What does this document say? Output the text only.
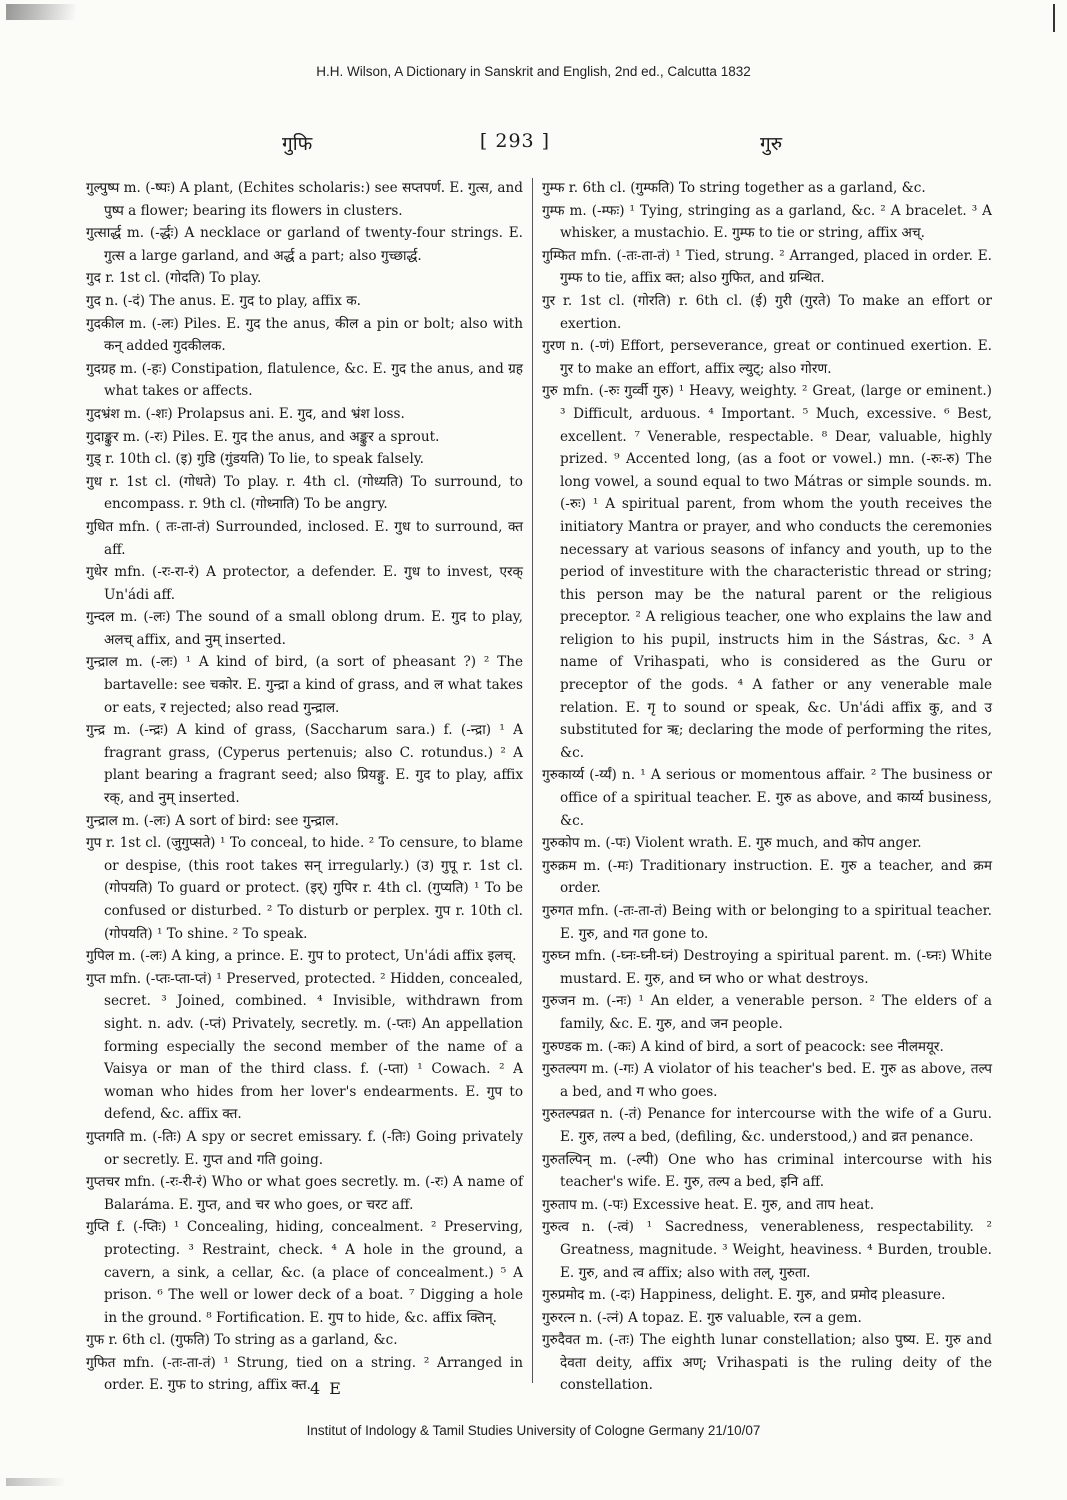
H.H. Wilson, A Dictionary in Sanskrit and English, 2nd ed., Calcutta 1832
गुफि	[ 293 ]	गुरु

गुल्पुष्प m. (-ष्पः) A plant, (Echites scholaris:) see सप्तपर्ण. E. गुत्स, and पुष्प a flower; bearing its flowers in clusters.

गुत्सार्द्ध m. (-र्द्धः) A necklace or garland of twenty-four strings. E. गुत्स a large garland, and अर्द्ध a part; also गुच्छार्द्ध.

गुद r. 1st cl. (गोदति) To play.

गुद n. (-दं) The anus. E. गुद to play, affix क.

गुदकील m. (-लः) Piles. E. गुद the anus, कील a pin or bolt; also with कन् added गुदकीलक.

गुदग्रह m. (-हः) Constipation, flatulence, &c. E. गुद the anus, and ग्रह what takes or affects.

गुदभ्रंश m. (-शः) Prolapsus ani. E. गुद, and भ्रंश loss.

गुदाङ्कुर m. (-रः) Piles. E. गुद the anus, and अङ्कुर a sprout.

गुड् r. 10th cl. (इ) गुडि (गुंडयति) To lie, to speak falsely.

गुध r. 1st cl. (गोधते) To play. r. 4th cl. (गोध्यति) To surround, to encompass. r. 9th cl. (गोध्नाति) To be angry.

गुधित mfn. ( तः-ता-तं) Surrounded, inclosed. E. गुध to surround, क्त aff.

गुधेर mfn. (-रः-रा-रं) A protector, a defender. E. गुध to invest, एरक् Un'ádi aff.

गुन्दल m. (-लः) The sound of a small oblong drum. E. गुद to play, अलच् affix, and नुम् inserted.

गुन्द्राल m. (-लः) ¹ A kind of bird, (a sort of pheasant ?) ² The bartavelle: see चकोर. E. गुन्द्रा a kind of grass, and ल what takes or eats, र rejected; also read गुन्द्राल.

गुन्द्र m. (-न्द्रः) A kind of grass, (Saccharum sara.) f. (-न्द्रा) ¹ A fragrant grass, (Cyperus pertenuis; also C. rotundus.) ² A plant bearing a fragrant seed; also प्रियङ्गु. E. गुद to play, affix रक्, and नुम् inserted.

गुन्द्राल m. (-लः) A sort of bird: see गुन्द्राल.

गुप r. 1st cl. (जुगुप्सते) ¹ To conceal, to hide. ² To censure, to blame or despise, (this root takes सन् irregularly.) (उ) गुपू r. 1st cl. (गोपयति) To guard or protect. (इर्) गुपिर r. 4th cl. (गुप्यति) ¹ To be confused or disturbed. ² To disturb or perplex. गुप r. 10th cl. (गोपयति) ¹ To shine. ² To speak.

गुपिल m. (-लः) A king, a prince. E. गुप to protect, Un'ádi affix इलच्.

गुप्त mfn. (-प्तः-प्ता-प्तं) ¹ Preserved, protected. ² Hidden, concealed, secret. ³ Joined, combined. ⁴ Invisible, withdrawn from sight. n. adv. (-प्तं) Privately, secretly. m. (-प्तः) An appellation forming especially the second member of the name of a Vaisya or man of the third class. f. (-प्ता) ¹ Cowach. ² A woman who hides from her lover's endearments. E. गुप to defend, &c. affix क्त.

गुप्तगति m. (-तिः) A spy or secret emissary. f. (-तिः) Going privately or secretly. E. गुप्त and गति going.

गुप्तचर mfn. (-रः-री-रं) Who or what goes secretly. m. (-रः) A name of Balaráma. E. गुप्त, and चर who goes, or चरट aff.

गुप्ति f. (-प्तिः) ¹ Concealing, hiding, concealment. ² Preserving, protecting. ³ Restraint, check. ⁴ A hole in the ground, a cavern, a sink, a cellar, &c. (a place of concealment.) ⁵ A prison. ⁶ The well or lower deck of a boat. ⁷ Digging a hole in the ground. ⁸ Fortification. E. गुप to hide, &c. affix क्तिन्.

गुफ r. 6th cl. (गुफति) To string as a garland, &c.

गुफित mfn. (-तः-ता-तं) ¹ Strung, tied on a string. ² Arranged in order. E. गुफ to string, affix क्त.

गुम्फ r. 6th cl. (गुम्फति) To string together as a garland, &c.

गुम्फ m. (-म्फः) ¹ Tying, stringing as a garland, &c. ² A bracelet. ³ A whisker, a mustachio. E. गुम्फ to tie or string, affix अच्.

गुम्फित mfn. (-तः-ता-तं) ¹ Tied, strung. ² Arranged, placed in order. E. गुम्फ to tie, affix क्त; also गुफित, and ग्रन्थित.

गुर r. 1st cl. (गोरति) r. 6th cl. (ई) गुरी (गुरते) To make an effort or exertion.

गुरण n. (-णं) Effort, perseverance, great or continued exertion. E. गुर to make an effort, affix ल्युट्; also गोरण.

गुरु mfn. (-रुः गुर्व्वी गुरु) ¹ Heavy, weighty. ² Great, (large or eminent.) ³ Difficult, arduous. ⁴ Important. ⁵ Much, excessive. ⁶ Best, excellent. ⁷ Venerable, respectable. ⁸ Dear, valuable, highly prized. ⁹ Accented long, (as a foot or vowel.) mn. (-रुः-रु) The long vowel, a sound equal to two Mátras or simple sounds. m. (-रुः) ¹ A spiritual parent, from whom the youth receives the initiatory Mantra or prayer, and who conducts the ceremonies necessary at various seasons of infancy and youth, up to the period of investiture with the characteristic thread or string; this person may be the natural parent or the religious preceptor. ² A religious teacher, one who explains the law and religion to his pupil, instructs him in the Sástras, &c. ³ A name of Vrihaspati, who is considered as the Guru or preceptor of the gods. ⁴ A father or any venerable male relation. E. गृ to sound or speak, &c. Un'ádi affix कु, and उ substituted for ऋ; declaring the mode of performing the rites, &c.

गुरुकार्य्य (-र्य्यं) n. ¹ A serious or momentous affair. ² The business or office of a spiritual teacher. E. गुरु as above, and कार्य्य business, &c.

गुरुकोप m. (-पः) Violent wrath. E. गुरु much, and कोप anger.

गुरुक्रम m. (-मः) Traditionary instruction. E. गुरु a teacher, and क्रम order.

गुरुगत mfn. (-तः-ता-तं) Being with or belonging to a spiritual teacher. E. गुरु, and गत gone to.

गुरुघ्न mfn. (-घ्नः-घ्नी-घ्नं) Destroying a spiritual parent. m. (-घ्नः) White mustard. E. गुरु, and घ्न who or what destroys.

गुरुजन m. (-नः) ¹ An elder, a venerable person. ² The elders of a family, &c. E. गुरु, and जन people.

गुरुण्डक m. (-कः) A kind of bird, a sort of peacock: see नीलमयूर.

गुरुतल्पग m. (-गः) A violator of his teacher's bed. E. गुरु as above, तल्प a bed, and ग who goes.

गुरुतल्पव्रत n. (-तं) Penance for intercourse with the wife of a Guru. E. गुरु, तल्प a bed, (defiling, &c. understood,) and व्रत penance.

गुरुतल्पिन् m. (-ल्पी) One who has criminal intercourse with his teacher's wife. E. गुरु, तल्प a bed, इनि aff.

गुरुताप m. (-पः) Excessive heat. E. गुरु, and ताप heat.

गुरुत्व n. (-त्वं) ¹ Sacredness, venerableness, respectability. ² Greatness, magnitude. ³ Weight, heaviness. ⁴ Burden, trouble. E. गुरु, and त्व affix; also with तल्, गुरुता.

गुरुप्रमोद m. (-दः) Happiness, delight. E. गुरु, and प्रमोद pleasure.

गुरुरत्न n. (-त्नं) A topaz. E. गुरु valuable, रत्न a gem.

गुरुदैवत m. (-तः) The eighth lunar constellation; also पुष्य. E. गुरु and देवता deity, affix अण्; Vrihaspati is the ruling deity of the constellation.

4 E
Institut of Indology & Tamil Studies University of Cologne Germany 21/10/07
